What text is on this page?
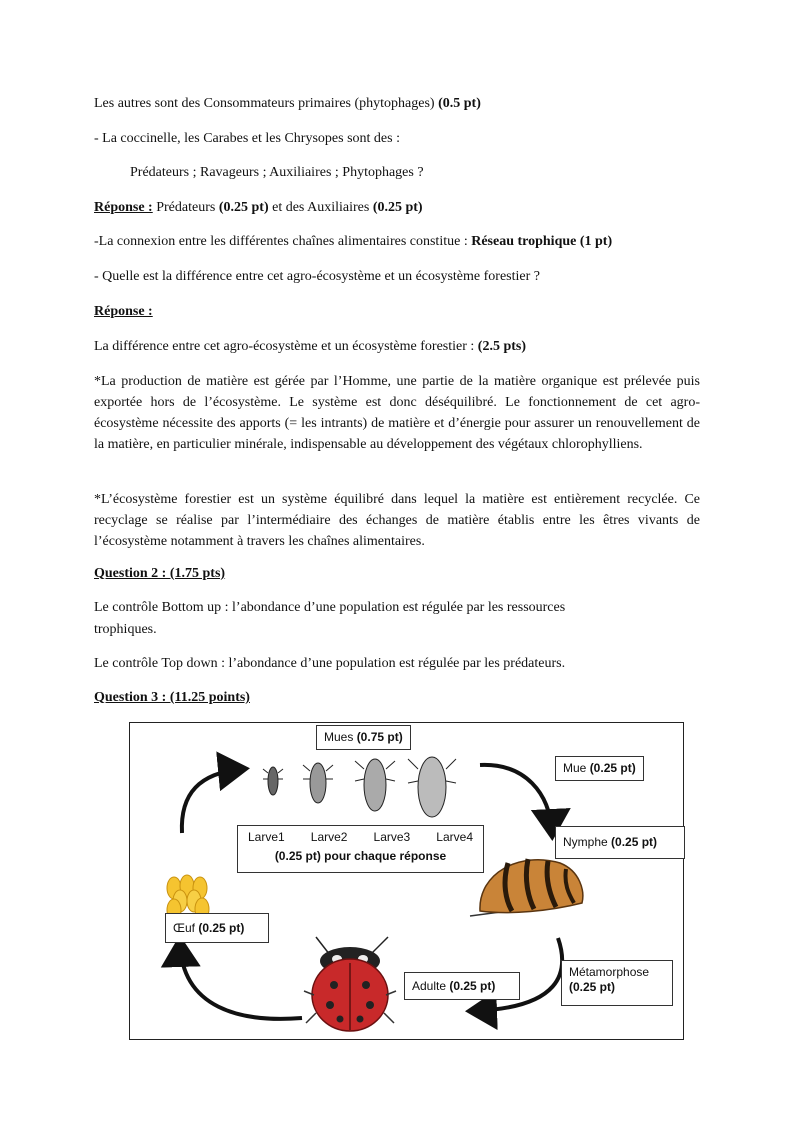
Les autres sont des Consommateurs primaires (phytophages) (0.5 pt)
- La coccinelle, les Carabes et les Chrysopes sont des :
Prédateurs ; Ravageurs ; Auxiliaires ; Phytophages ?
Réponse : Prédateurs (0.25 pt) et des Auxiliaires (0.25 pt)
-La connexion entre les différentes chaînes alimentaires constitue : Réseau trophique (1 pt)
- Quelle est la différence entre cet agro-écosystème et un écosystème forestier ?
Réponse :
La différence entre cet agro-écosystème et un écosystème forestier : (2.5 pts)
*La production de matière est gérée par l’Homme, une partie de la matière organique est prélevée puis exportée hors de l’écosystème. Le système est donc déséquilibré. Le fonctionnement de cet agro-écosystème nécessite des apports (= les intrants) de matière et d’énergie pour assurer un renouvellement de la matière, en particulier minérale, indispensable au développement des végétaux chlorophylliens.
*L’écosystème forestier est un système équilibré dans lequel la matière est entièrement recyclée. Ce recyclage se réalise par l’intermédiaire des échanges de matière établis entre les êtres vivants de l’écosystème notamment à travers les chaînes alimentaires.
Question 2 : (1.75 pts)
Le contrôle Bottom up : l’abondance d’une population est régulée par les ressources
trophiques.
Le contrôle Top down : l’abondance d’une population est régulée par les prédateurs.
Question 3 : (11.25 points)
Mues (0.75 pt)
Mue (0.25 pt)
Larve1 Larve2 Larve3 Larve4
(0.25 pt) pour chaque réponse
Nymphe (0.25 pt)
Œuf (0.25 pt)
Métamorphose
(0.25 pt)
Adulte (0.25 pt)
